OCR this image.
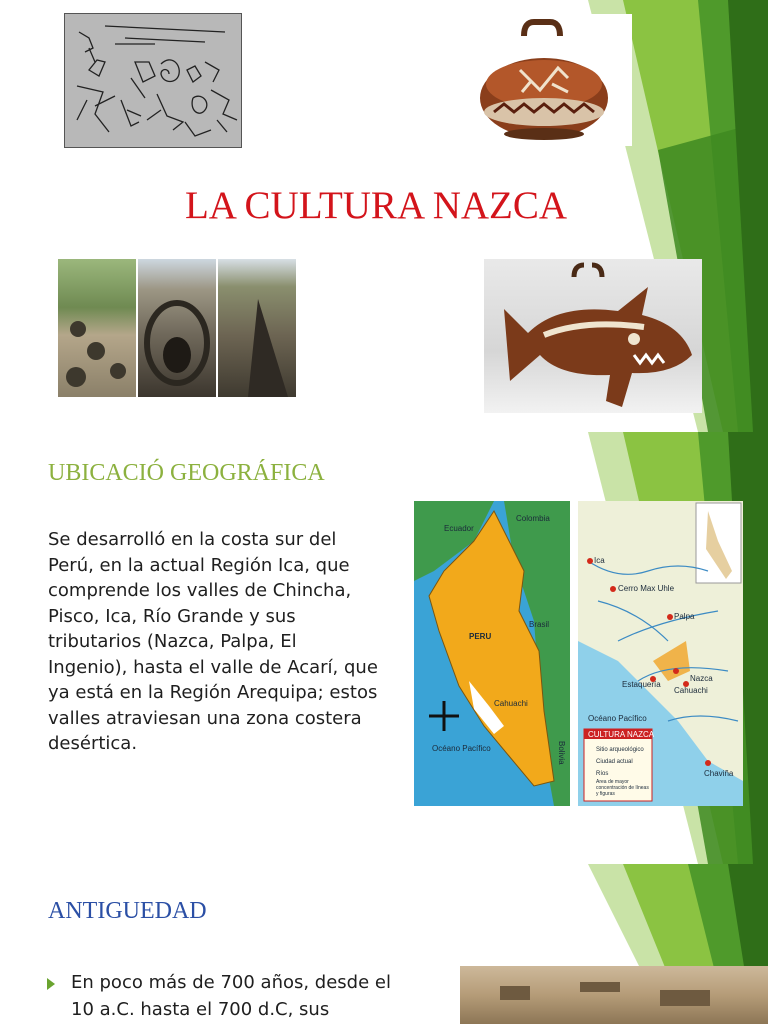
LA CULTURA NAZCA
UBICACIÓ GEOGRÁFICA
Se desarrolló en la costa sur del Perú, en la actual Región Ica, que comprende los valles de Chincha, Pisco, Ica, Río Grande y sus tributarios (Nazca, Palpa, El Ingenio), hasta el valle de Acarí, que ya está en la Región Arequipa; estos valles atraviesan una zona costera desértica.
Ecuador
Colombia
PERU
Brasil
Océano Pacífico
Cahuachi
Bolivia
Ica
Cerro Max Uhle
Palpa
Nazca
Estaquería
Cahuachi
Océano Pacífico
Chaviña
CULTURA NAZCA
Sitio arqueológico
Ciudad actual
Ríos
Área de mayor concentración de líneas y figuras
ANTIGUEDAD
En poco más de 700 años, desde el
10 a.C. hasta el 700 d.C, sus
